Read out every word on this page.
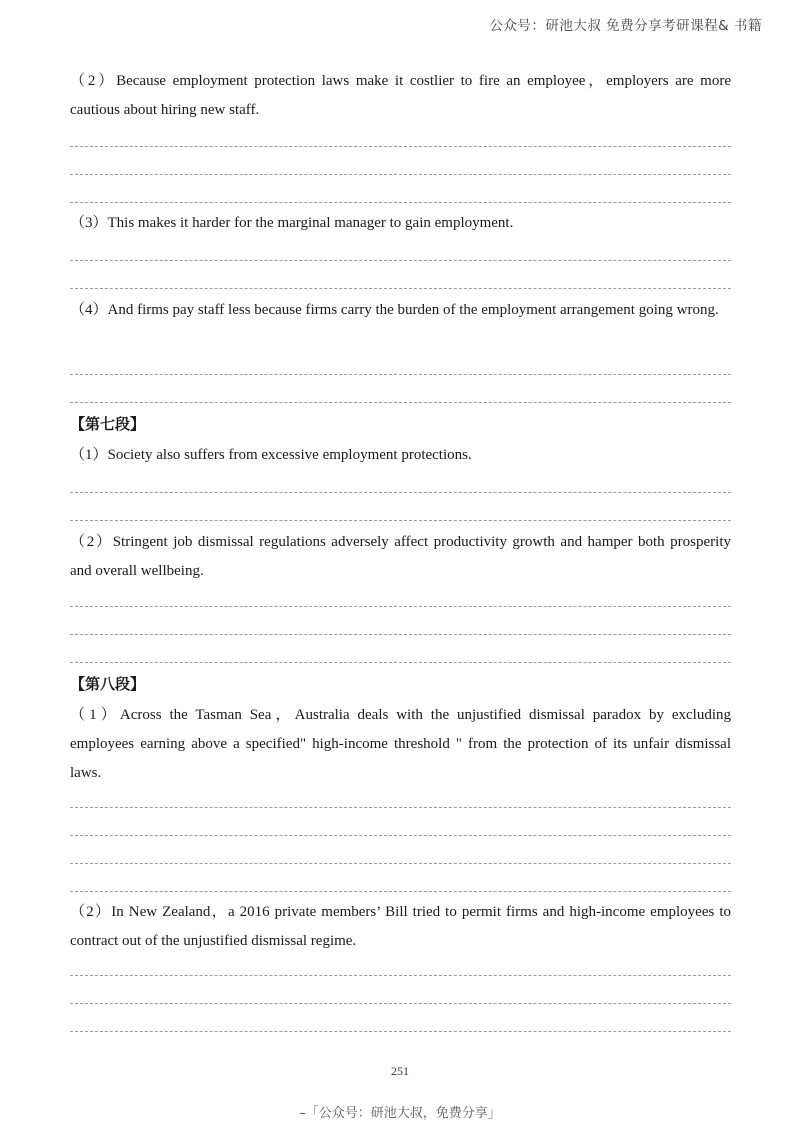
公众号：研池大叔 免费分享考研课程& 书籍
（2）Because employment protection laws make it costlier to fire an employee，employers are more cautious about hiring new staff.
（3）This makes it harder for the marginal manager to gain employment.
（4）And firms pay staff less because firms carry the burden of the employment arrangement going wrong.
【第七段】
（1）Society also suffers from excessive employment protections.
（2）Stringent job dismissal regulations adversely affect productivity growth and hamper both prosperity and overall wellbeing.
【第八段】
（1）Across the Tasman Sea，Australia deals with the unjustified dismissal paradox by excluding employees earning above a specified" high-income threshold " from the protection of its unfair dismissal laws.
（2）In New Zealand，a 2016 private members’ Bill tried to permit firms and high-income employees to contract out of the unjustified dismissal regime.
251
–「公众号：研池大叔，免费分享」
